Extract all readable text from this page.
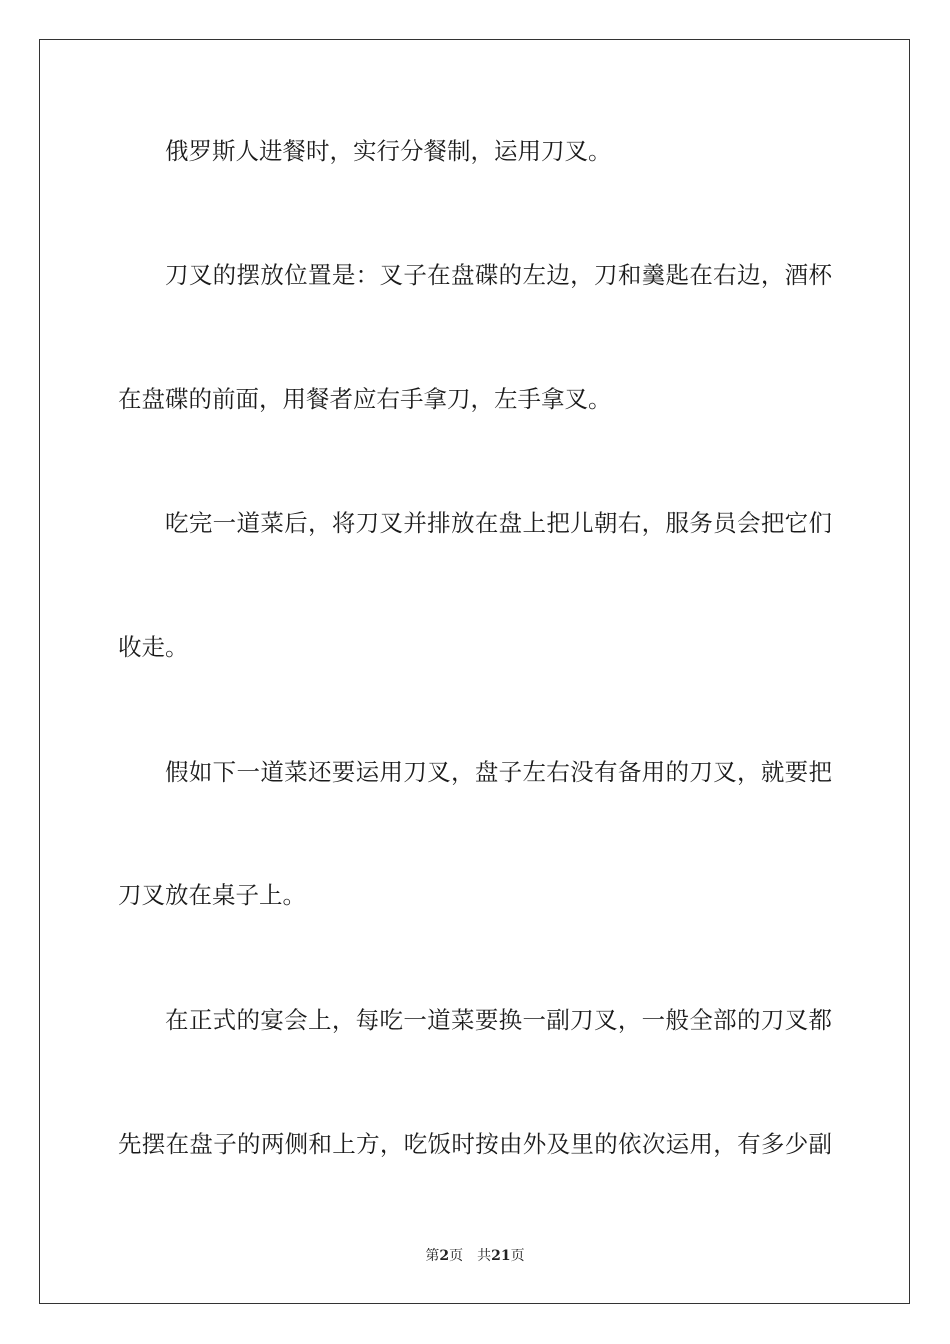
俄罗斯人进餐时，实行分餐制，运用刀叉。
刀叉的摆放位置是：叉子在盘碟的左边，刀和羹匙在右边，酒杯
在盘碟的前面，用餐者应右手拿刀，左手拿叉。
吃完一道菜后，将刀叉并排放在盘上把儿朝右，服务员会把它们
收走。
假如下一道菜还要运用刀叉，盘子左右没有备用的刀叉，就要把
刀叉放在桌子上。
在正式的宴会上，每吃一道菜要换一副刀叉，一般全部的刀叉都
先摆在盘子的两侧和上方，吃饭时按由外及里的依次运用，有多少副
第2页 共21页
